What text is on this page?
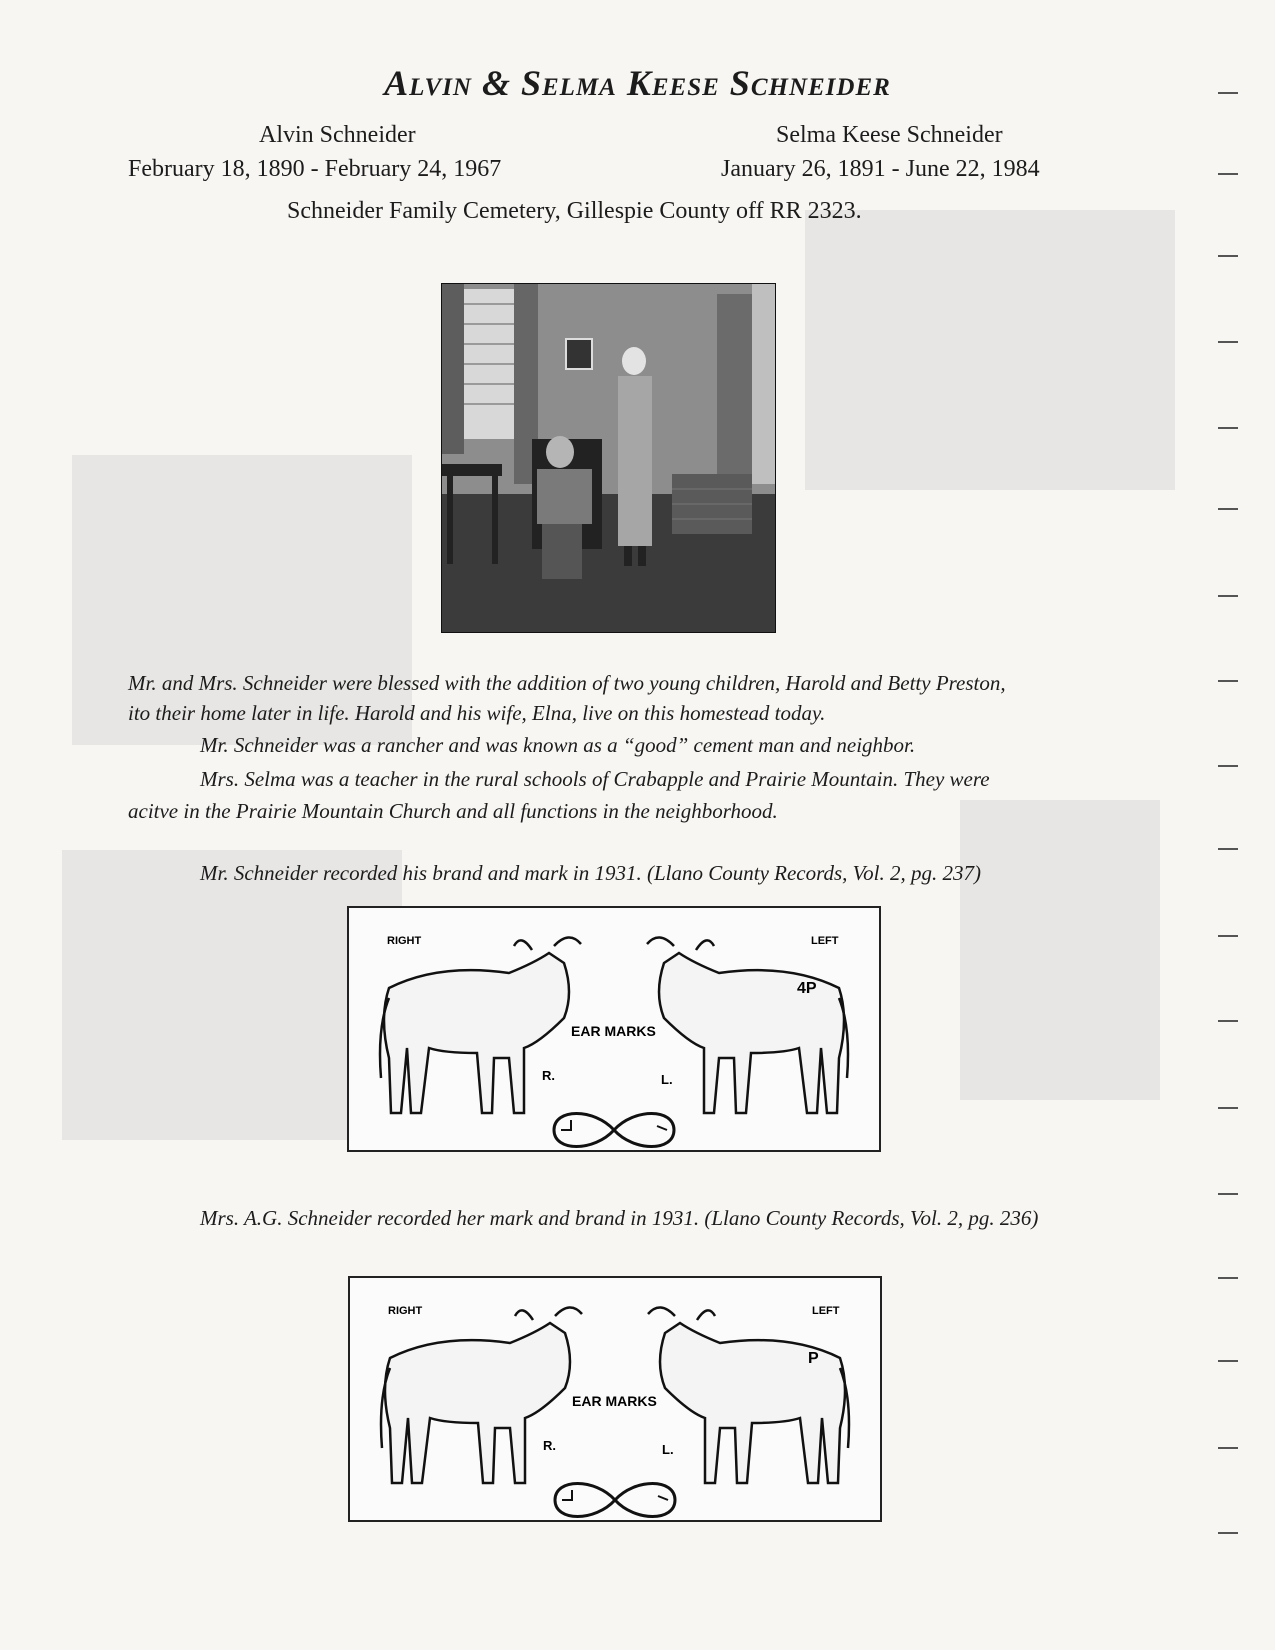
Alvin & Selma Keese Schneider
Alvin Schneider
February 18, 1890 - February 24, 1967
Selma Keese Schneider
January 26, 1891 - June 22, 1984
Schneider Family Cemetery, Gillespie County off RR 2323.
Mr. and Mrs. Schneider were blessed with the addition of two young children, Harold and Betty Preston,
ito their home later in life. Harold and his wife, Elna, live on this homestead today.
Mr. Schneider was a rancher and was known as a “good” cement man and neighbor.
Mrs. Selma was a teacher in the rural schools of Crabapple and Prairie Mountain. They were
acitve in the Prairie Mountain Church and all functions in the neighborhood.
Mr. Schneider recorded his brand and mark in 1931. (Llano County Records, Vol. 2, pg. 237)
RIGHT	LEFT
4P
EAR MARKS
R.	L.
Mrs. A.G. Schneider recorded her mark and brand in 1931. (Llano County Records, Vol. 2, pg. 236)
RIGHT	LEFT
P
EAR MARKS
R.	L.
